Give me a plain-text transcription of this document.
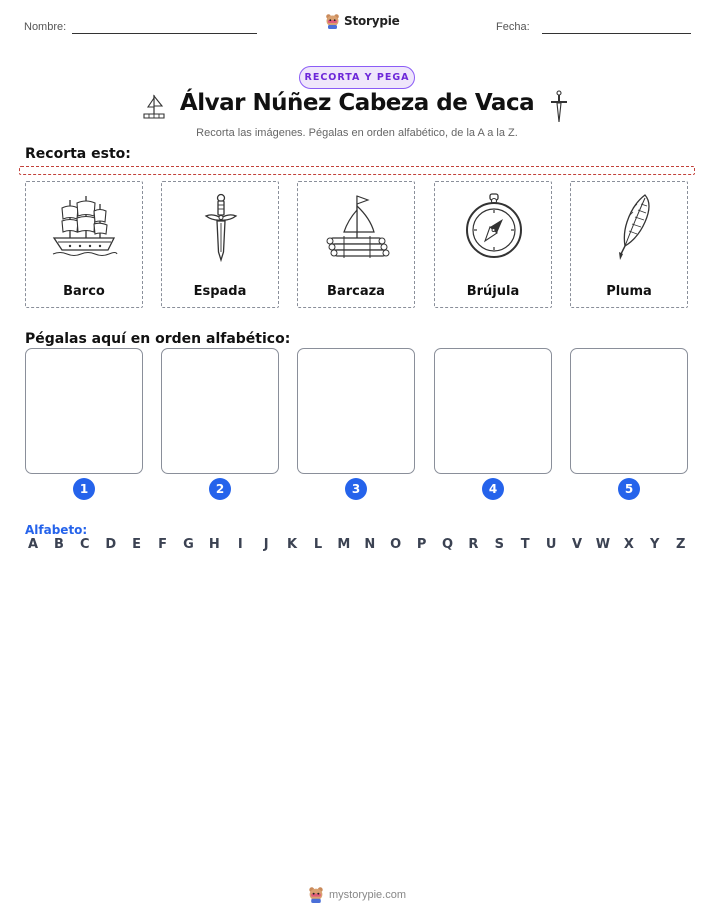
Nombre:	Storypie	Fecha:
RECORTA Y PEGA
Álvar Núñez Cabeza de Vaca
Recorta las imágenes. Pégalas en orden alfabético, de la A a la Z.
Recorta esto:
Barco	Espada	Barcaza	Brújula	Pluma
Pégalas aquí en orden alfabético:
1	2	3	4	5
Alfabeto:
A B C D E F G H	I	J	K L M N O P Q R S T U V W X Y Z
mystorypie.com
